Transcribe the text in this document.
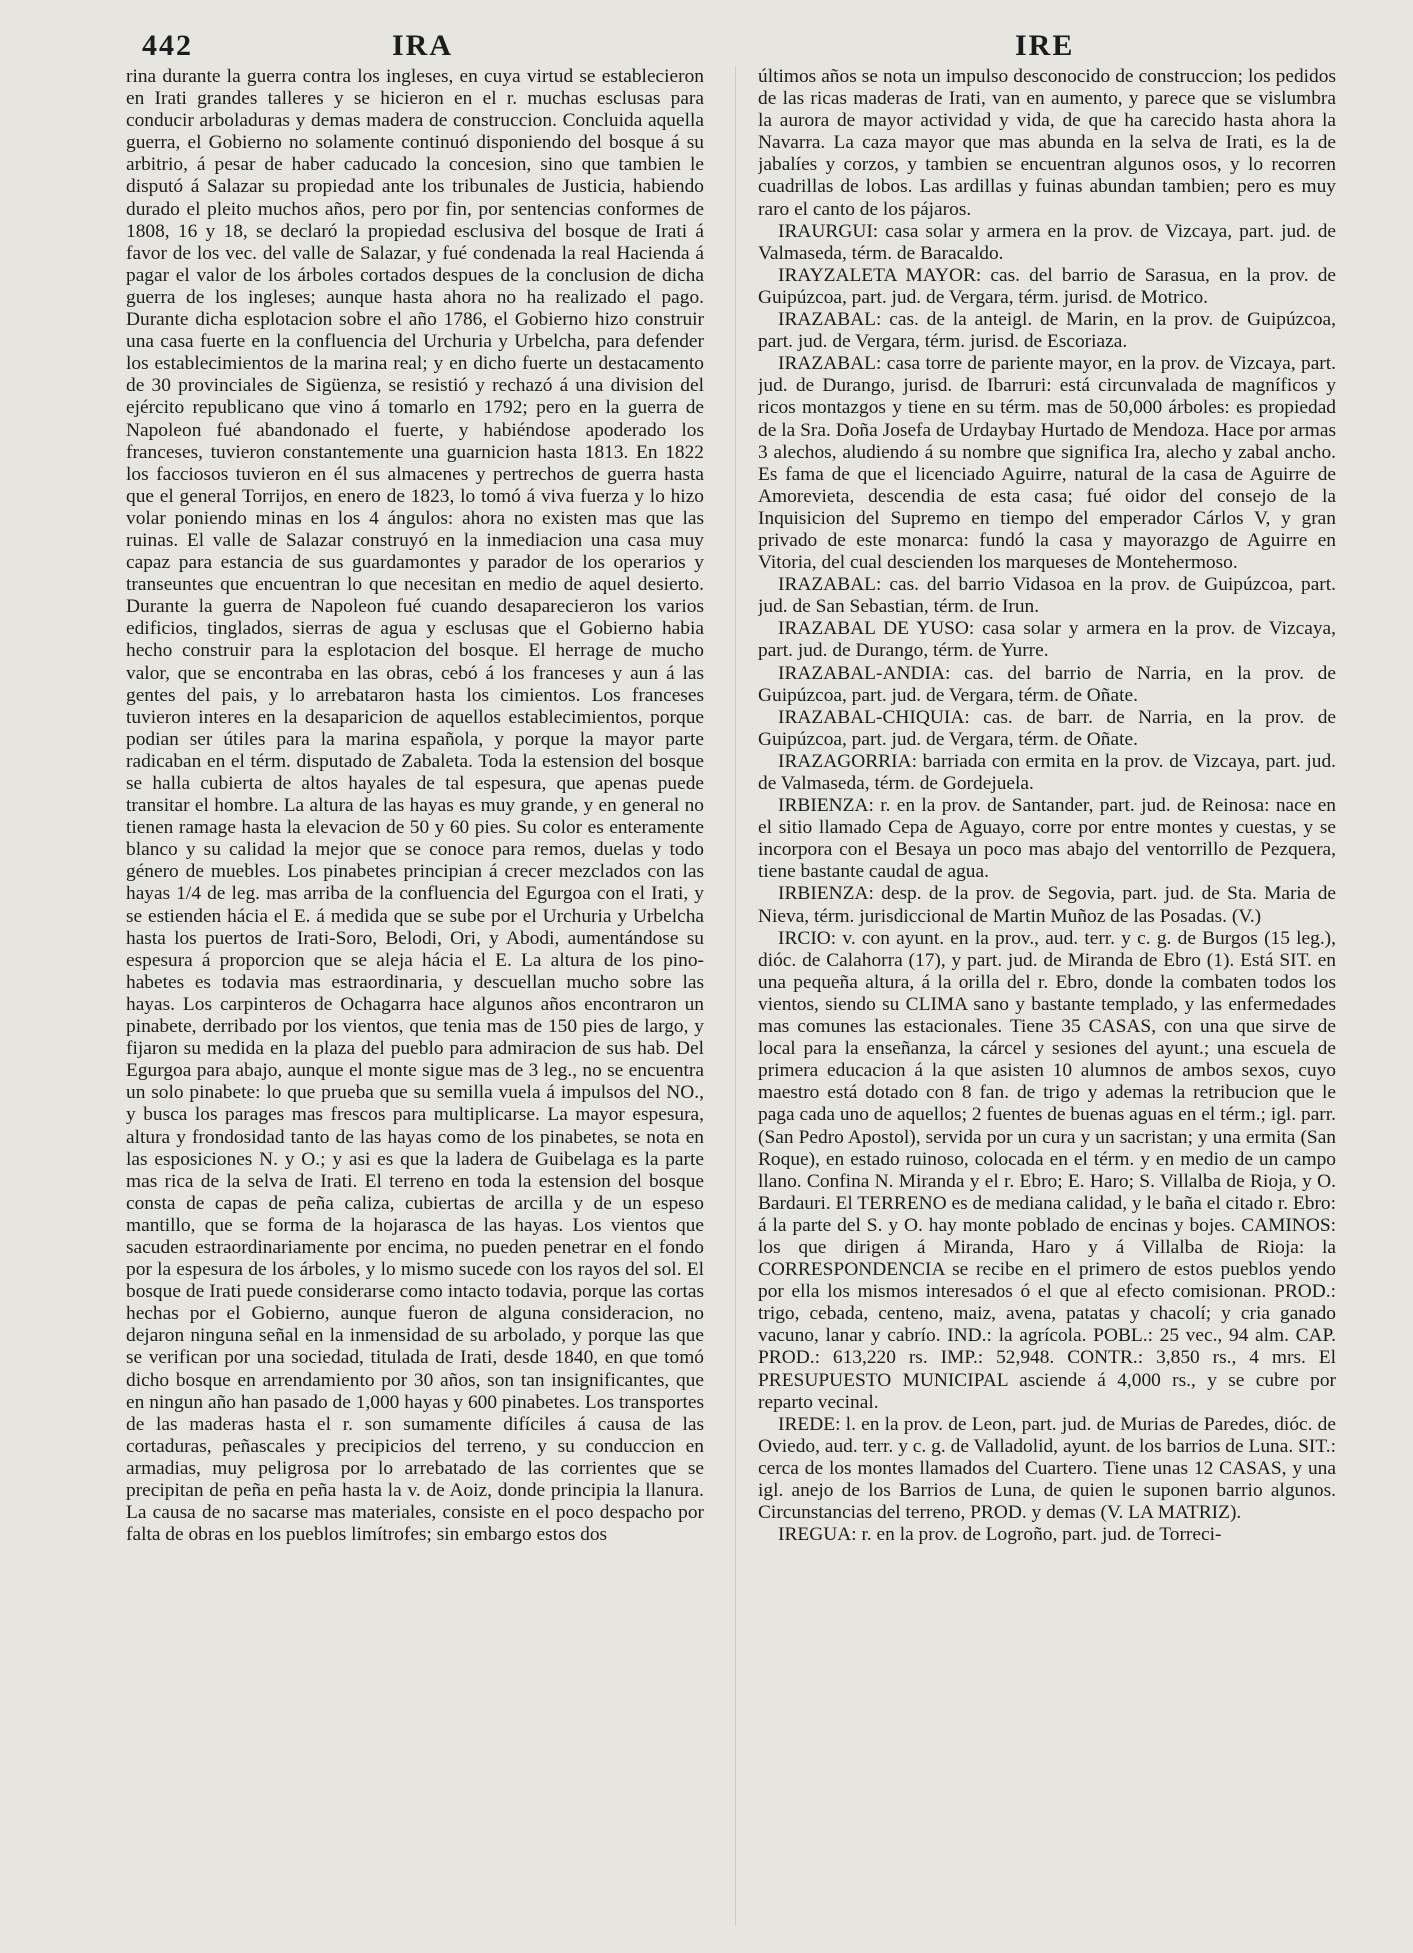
442	IRA	IRE

rina durante la guerra contra los ingleses, en cuya virtud se establecieron en Irati grandes talleres y se hicieron en el r. muchas esclusas para conducir arboladuras y demas madera de construccion. Concluida aquella guerra, el Gobierno no solamente continuó disponiendo del bosque á su arbitrio, á pesar de haber caducado la concesion, sino que tambien le disputó á Salazar su propiedad ante los tribunales de Justicia, habiendo durado el pleito muchos años, pero por fin, por sentencias conformes de 1808, 16 y 18, se declaró la propiedad esclusiva del bosque de Irati á favor de los vec. del valle de Salazar, y fué condenada la real Hacienda á pagar el valor de los árboles cortados despues de la conclusion de dicha guerra de los ingleses; aunque hasta ahora no ha realizado el pago. Durante dicha esplotacion sobre el año 1786, el Gobierno hizo construir una casa fuerte en la confluencia del Urchuria y Urbelcha, para defender los establecimientos de la marina real; y en dicho fuerte un destacamento de 30 provinciales de Sigüenza, se resistió y rechazó á una division del ejército republicano que vino á tomarlo en 1792; pero en la guerra de Napoleon fué abandonado el fuerte, y habiéndose apoderado los franceses, tuvieron constantemente una guarnicion hasta 1813. En 1822 los facciosos tuvieron en él sus almacenes y pertrechos de guerra hasta que el general Torrijos, en enero de 1823, lo tomó á viva fuerza y lo hizo volar poniendo minas en los 4 ángulos: ahora no existen mas que las ruinas. El valle de Salazar construyó en la inmediacion una casa muy capaz para estancia de sus guardamontes y parador de los operarios y transeuntes que encuentran lo que necesitan en medio de aquel desierto. Durante la guerra de Napoleon fué cuando desaparecieron los varios edificios, tinglados, sierras de agua y esclusas que el Gobierno habia hecho construir para la esplotacion del bosque. El herrage de mucho valor, que se encontraba en las obras, cebó á los franceses y aun á las gentes del pais, y lo arrebataron hasta los cimientos. Los franceses tuvieron interes en la desaparicion de aquellos establecimientos, porque podian ser útiles para la marina española, y porque la mayor parte radicaban en el térm. disputado de Zabaleta. Toda la estension del bosque se halla cubierta de altos hayales de tal espesura, que apenas puede transitar el hombre. La altura de las hayas es muy grande, y en general no tienen ramage hasta la elevacion de 50 y 60 pies. Su color es enteramente blanco y su calidad la mejor que se conoce para remos, duelas y todo género de muebles. Los pinabetes principian á crecer mezclados con las hayas 1/4 de leg. mas arriba de la confluencia del Egurgoa con el Irati, y se estienden hácia el E. á medida que se sube por el Urchuria y Urbelcha hasta los puertos de Irati-Soro, Belodi, Ori, y Abodi, aumentándose su espesura á proporcion que se aleja hácia el E. La altura de los pino-habetes es todavia mas estraordinaria, y descuellan mucho sobre las hayas. Los carpinteros de Ochagarra hace algunos años encontraron un pinabete, derribado por los vientos, que tenia mas de 150 pies de largo, y fijaron su medida en la plaza del pueblo para admiracion de sus hab. Del Egurgoa para abajo, aunque el monte sigue mas de 3 leg., no se encuentra un solo pinabete: lo que prueba que su semilla vuela á impulsos del NO., y busca los parages mas frescos para multiplicarse. La mayor espesura, altura y frondosidad tanto de las hayas como de los pinabetes, se nota en las esposiciones N. y O.; y asi es que la ladera de Guibelaga es la parte mas rica de la selva de Irati. El terreno en toda la estension del bosque consta de capas de peña caliza, cubiertas de arcilla y de un espeso mantillo, que se forma de la hojarasca de las hayas. Los vientos que sacuden estraordinariamente por encima, no pueden penetrar en el fondo por la espesura de los árboles, y lo mismo sucede con los rayos del sol. El bosque de Irati puede considerarse como intacto todavia, porque las cortas hechas por el Gobierno, aunque fueron de alguna consideracion, no dejaron ninguna señal en la inmensidad de su arbolado, y porque las que se verifican por una sociedad, titulada de Irati, desde 1840, en que tomó dicho bosque en arrendamiento por 30 años, son tan insignificantes, que en ningun año han pasado de 1,000 hayas y 600 pinabetes. Los transportes de las maderas hasta el r. son sumamente difíciles á causa de las cortaduras, peñascales y precipicios del terreno, y su conduccion en armadias, muy peligrosa por lo arrebatado de las corrientes que se precipitan de peña en peña hasta la v. de Aoiz, donde principia la llanura. La causa de no sacarse mas materiales, consiste en el poco despacho por falta de obras en los pueblos limítrofes; sin embargo estos dos

últimos años se nota un impulso desconocido de construccion; los pedidos de las ricas maderas de Irati, van en aumento, y parece que se vislumbra la aurora de mayor actividad y vida, de que ha carecido hasta ahora la Navarra. La caza mayor que mas abunda en la selva de Irati, es la de jabalíes y corzos, y tambien se encuentran algunos osos, y lo recorren cuadrillas de lobos. Las ardillas y fuinas abundan tambien; pero es muy raro el canto de los pájaros.

IRAURGUI: casa solar y armera en la prov. de Vizcaya, part. jud. de Valmaseda, térm. de Baracaldo.

IRAYZALETA MAYOR: cas. del barrio de Sarasua, en la prov. de Guipúzcoa, part. jud. de Vergara, térm. jurisd. de Motrico.

IRAZABAL: cas. de la anteigl. de Marin, en la prov. de Guipúzcoa, part. jud. de Vergara, térm. jurisd. de Escoriaza.

IRAZABAL: casa torre de pariente mayor, en la prov. de Vizcaya, part. jud. de Durango, jurisd. de Ibarruri: está circunvalada de magníficos y ricos montazgos y tiene en su térm. mas de 50,000 árboles: es propiedad de la Sra. Doña Josefa de Urdaybay Hurtado de Mendoza. Hace por armas 3 alechos, aludiendo á su nombre que significa Ira, alecho y zabal ancho. Es fama de que el licenciado Aguirre, natural de la casa de Aguirre de Amorevieta, descendia de esta casa; fué oidor del consejo de la Inquisicion del Supremo en tiempo del emperador Cárlos V, y gran privado de este monarca: fundó la casa y mayorazgo de Aguirre en Vitoria, del cual descienden los marqueses de Montehermoso.

IRAZABAL: cas. del barrio Vidasoa en la prov. de Guipúzcoa, part. jud. de San Sebastian, térm. de Irun.

IRAZABAL DE YUSO: casa solar y armera en la prov. de Vizcaya, part. jud. de Durango, térm. de Yurre.

IRAZABAL-ANDIA: cas. del barrio de Narria, en la prov. de Guipúzcoa, part. jud. de Vergara, térm. de Oñate.

IRAZABAL-CHIQUIA: cas. de barr. de Narria, en la prov. de Guipúzcoa, part. jud. de Vergara, térm. de Oñate.

IRAZAGORRIA: barriada con ermita en la prov. de Vizcaya, part. jud. de Valmaseda, térm. de Gordejuela.

IRBIENZA: r. en la prov. de Santander, part. jud. de Reinosa: nace en el sitio llamado Cepa de Aguayo, corre por entre montes y cuestas, y se incorpora con el Besaya un poco mas abajo del ventorrillo de Pezquera, tiene bastante caudal de agua.

IRBIENZA: desp. de la prov. de Segovia, part. jud. de Sta. Maria de Nieva, térm. jurisdiccional de Martin Muñoz de las Posadas. (V.)

IRCIO: v. con ayunt. en la prov., aud. terr. y c. g. de Burgos (15 leg.), dióc. de Calahorra (17), y part. jud. de Miranda de Ebro (1). Está SIT. en una pequeña altura, á la orilla del r. Ebro, donde la combaten todos los vientos, siendo su CLIMA sano y bastante templado, y las enfermedades mas comunes las estacionales. Tiene 35 CASAS, con una que sirve de local para la enseñanza, la cárcel y sesiones del ayunt.; una escuela de primera educacion á la que asisten 10 alumnos de ambos sexos, cuyo maestro está dotado con 8 fan. de trigo y ademas la retribucion que le paga cada uno de aquellos; 2 fuentes de buenas aguas en el térm.; igl. parr. (San Pedro Apostol), servida por un cura y un sacristan; y una ermita (San Roque), en estado ruinoso, colocada en el térm. y en medio de un campo llano. Confina N. Miranda y el r. Ebro; E. Haro; S. Villalba de Rioja, y O. Bardauri. El TERRENO es de mediana calidad, y le baña el citado r. Ebro: á la parte del S. y O. hay monte poblado de encinas y bojes. CAMINOS: los que dirigen á Miranda, Haro y á Villalba de Rioja: la CORRESPONDENCIA se recibe en el primero de estos pueblos yendo por ella los mismos interesados ó el que al efecto comisionan. PROD.: trigo, cebada, centeno, maiz, avena, patatas y chacolí; y cria ganado vacuno, lanar y cabrío. IND.: la agrícola. POBL.: 25 vec., 94 alm. CAP. PROD.: 613,220 rs. IMP.: 52,948. CONTR.: 3,850 rs., 4 mrs. El PRESUPUESTO MUNICIPAL asciende á 4,000 rs., y se cubre por reparto vecinal.

IREDE: l. en la prov. de Leon, part. jud. de Murias de Paredes, dióc. de Oviedo, aud. terr. y c. g. de Valladolid, ayunt. de los barrios de Luna. SIT.: cerca de los montes llamados del Cuartero. Tiene unas 12 CASAS, y una igl. anejo de los Barrios de Luna, de quien le suponen barrio algunos. Circunstancias del terreno, PROD. y demas (V. LA MATRIZ).

IREGUA: r. en la prov. de Logroño, part. jud. de Torreci-
